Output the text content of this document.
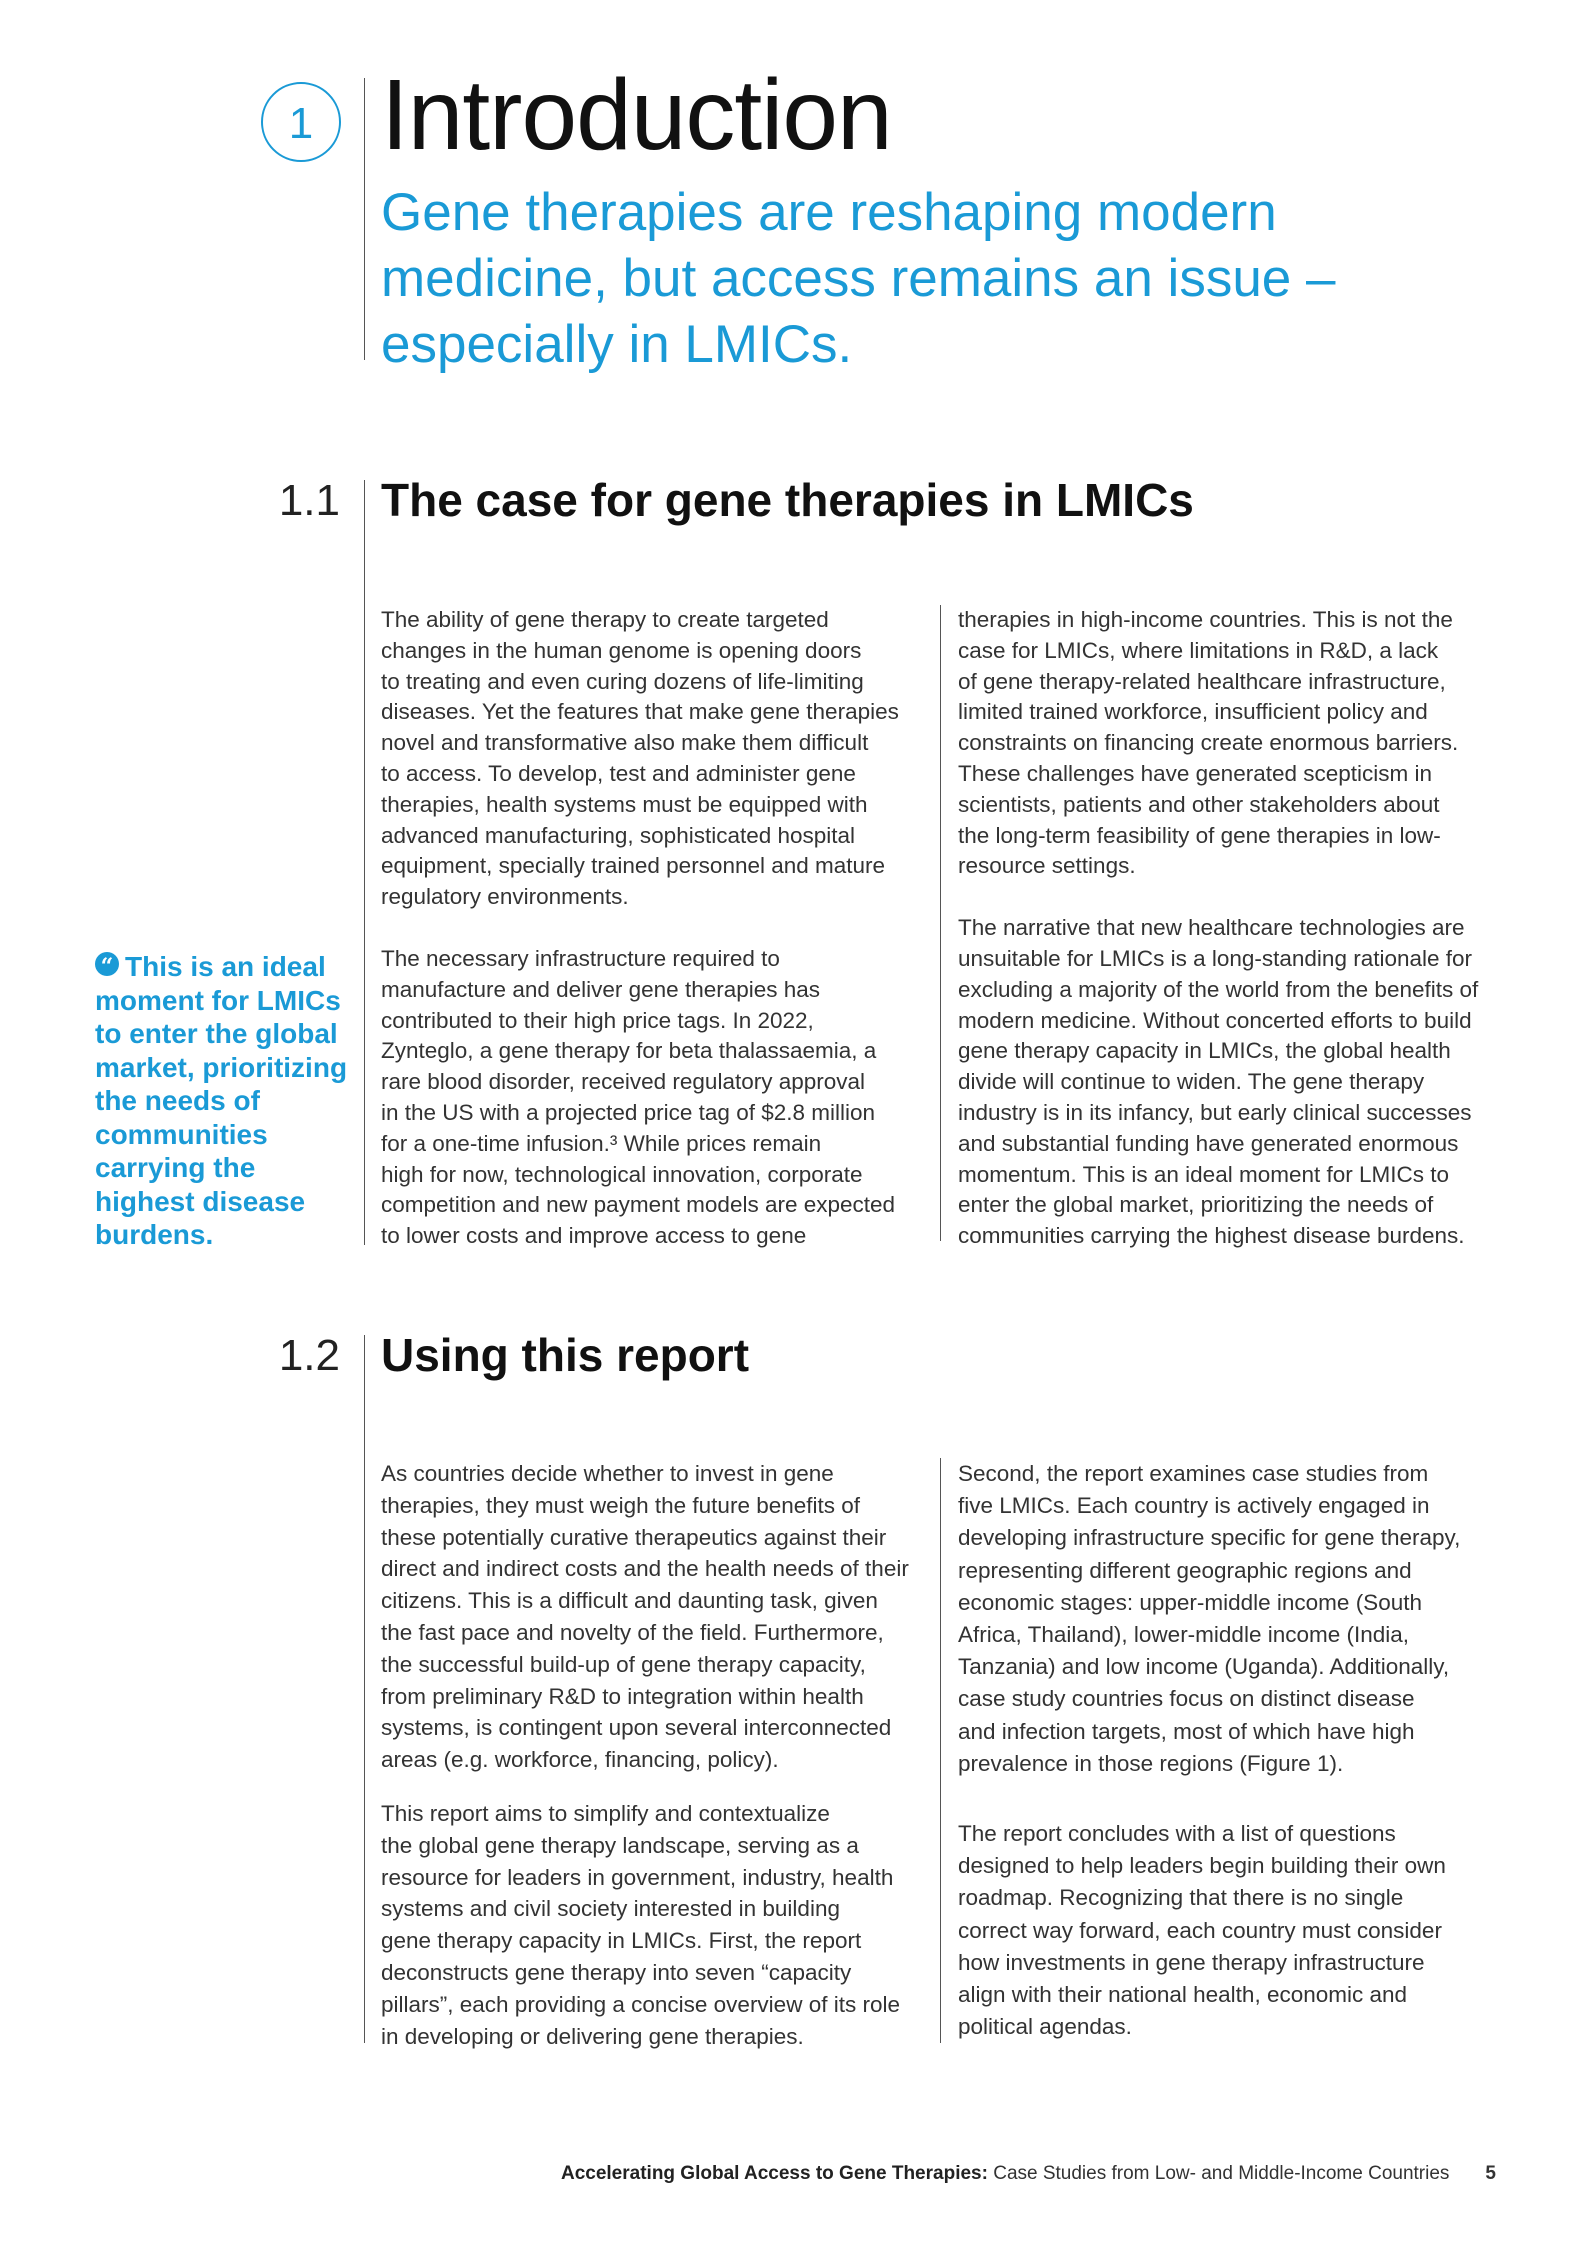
1 Introduction
Gene therapies are reshaping modern
medicine, but access remains an issue –
especially in LMICs.
1.1 The case for gene therapies in LMICs

The ability of gene therapy to create targeted
changes in the human genome is opening doors
to treating and even curing dozens of life-limiting
diseases. Yet the features that make gene therapies
novel and transformative also make them difficult
to access. To develop, test and administer gene
therapies, health systems must be equipped with
advanced manufacturing, sophisticated hospital
equipment, specially trained personnel and mature
regulatory environments.

The necessary infrastructure required to
manufacture and deliver gene therapies has
contributed to their high price tags. In 2022,
Zynteglo, a gene therapy for beta thalassaemia, a
rare blood disorder, received regulatory approval
in the US with a projected price tag of $2.8 million
for a one-time infusion.³ While prices remain
high for now, technological innovation, corporate
competition and new payment models are expected
to lower costs and improve access to gene

therapies in high-income countries. This is not the
case for LMICs, where limitations in R&D, a lack
of gene therapy-related healthcare infrastructure,
limited trained workforce, insufficient policy and
constraints on financing create enormous barriers.
These challenges have generated scepticism in
scientists, patients and other stakeholders about
the long-term feasibility of gene therapies in low-
resource settings.

The narrative that new healthcare technologies are
unsuitable for LMICs is a long-standing rationale for
excluding a majority of the world from the benefits of
modern medicine. Without concerted efforts to build
gene therapy capacity in LMICs, the global health
divide will continue to widen. The gene therapy
industry is in its infancy, but early clinical successes
and substantial funding have generated enormous
momentum. This is an ideal moment for LMICs to
enter the global market, prioritizing the needs of
communities carrying the highest disease burdens.

“ This is an ideal
moment for LMICs
to enter the global
market, prioritizing
the needs of
communities
carrying the
highest disease
burdens.
1.2 Using this report

As countries decide whether to invest in gene
therapies, they must weigh the future benefits of
these potentially curative therapeutics against their
direct and indirect costs and the health needs of their
citizens. This is a difficult and daunting task, given
the fast pace and novelty of the field. Furthermore,
the successful build-up of gene therapy capacity,
from preliminary R&D to integration within health
systems, is contingent upon several interconnected
areas (e.g. workforce, financing, policy).

This report aims to simplify and contextualize
the global gene therapy landscape, serving as a
resource for leaders in government, industry, health
systems and civil society interested in building
gene therapy capacity in LMICs. First, the report
deconstructs gene therapy into seven “capacity
pillars”, each providing a concise overview of its role
in developing or delivering gene therapies.

Second, the report examines case studies from
five LMICs. Each country is actively engaged in
developing infrastructure specific for gene therapy,
representing different geographic regions and
economic stages: upper-middle income (South
Africa, Thailand), lower-middle income (India,
Tanzania) and low income (Uganda). Additionally,
case study countries focus on distinct disease
and infection targets, most of which have high
prevalence in those regions (Figure 1).

The report concludes with a list of questions
designed to help leaders begin building their own
roadmap. Recognizing that there is no single
correct way forward, each country must consider
how investments in gene therapy infrastructure
align with their national health, economic and
political agendas.

Accelerating Global Access to Gene Therapies: Case Studies from Low- and Middle-Income Countries 5
